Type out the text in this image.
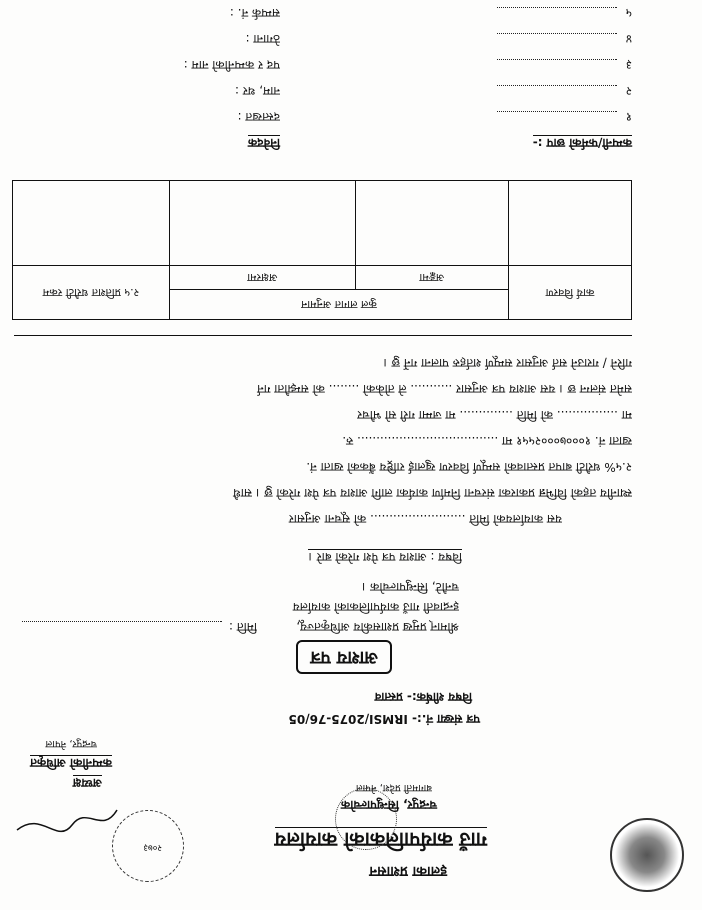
इलाका प्रशासन
गाउँ कार्यपालिकाको कार्यालय
चन्द्रपुर, सिन्धुपाल्चोक
बागमती प्रदेश, नेपाल
पत्र संख्या नं.:- IRMSI/2075-76/05
विषय शीर्षक:- प्रस्ताव
आशय पत्र
श्रीमान् प्रमुख प्रशासकीय अधिकृतज्यू,
मिति :
इन्द्रावती गाउँ कार्यपालिकाको कार्यालय
चनौटे, सिन्धुपाल्चोक ।
विषय : आशय पत्र पेश गरेको बारे ।
यस कार्यालयको मिति ......................... को सूचना अनुसार
स्थानीय तहको विभिन्न प्रकारका संरचना निर्माण कार्यका लागि आशय पत्र पेश गरेको छु । साथै
२.५% धरौटी बापत प्रस्तावको सम्पूर्ण विवरण खुलाई राष्ट्रिय बैंकको खाता नं.
खाता नं. १०००७०००२५५१ मा ..................................... रु.
मा ................ को मिति .............. मा जम्मा गरी सो भौचर
समेत संलग्न छ । यस आशय पत्र अनुसार ........... ले तोकेको ........ को सम्झौता गर्न
गरिने / गराउने सर्त अनुसार सम्पूर्ण शर्तहरु पालना गर्ने छु ।
कार्य विवरण	कुल लागत अनुमान		२.५ प्रतिशत धरौटी रकम
	अङ्कमा	अक्षरमा	

निवेदक	कम्पनी/फर्मको छाप :-
दस्तखत :
नाम, थर :
पद र कम्पनीको नाम :
ठेगाना :
सम्पर्क नं. :
१
२
३
४
५
२०७३
अध्यक्ष
कम्पनीको अधिकृत
चन्द्रपुर, नेपाल
